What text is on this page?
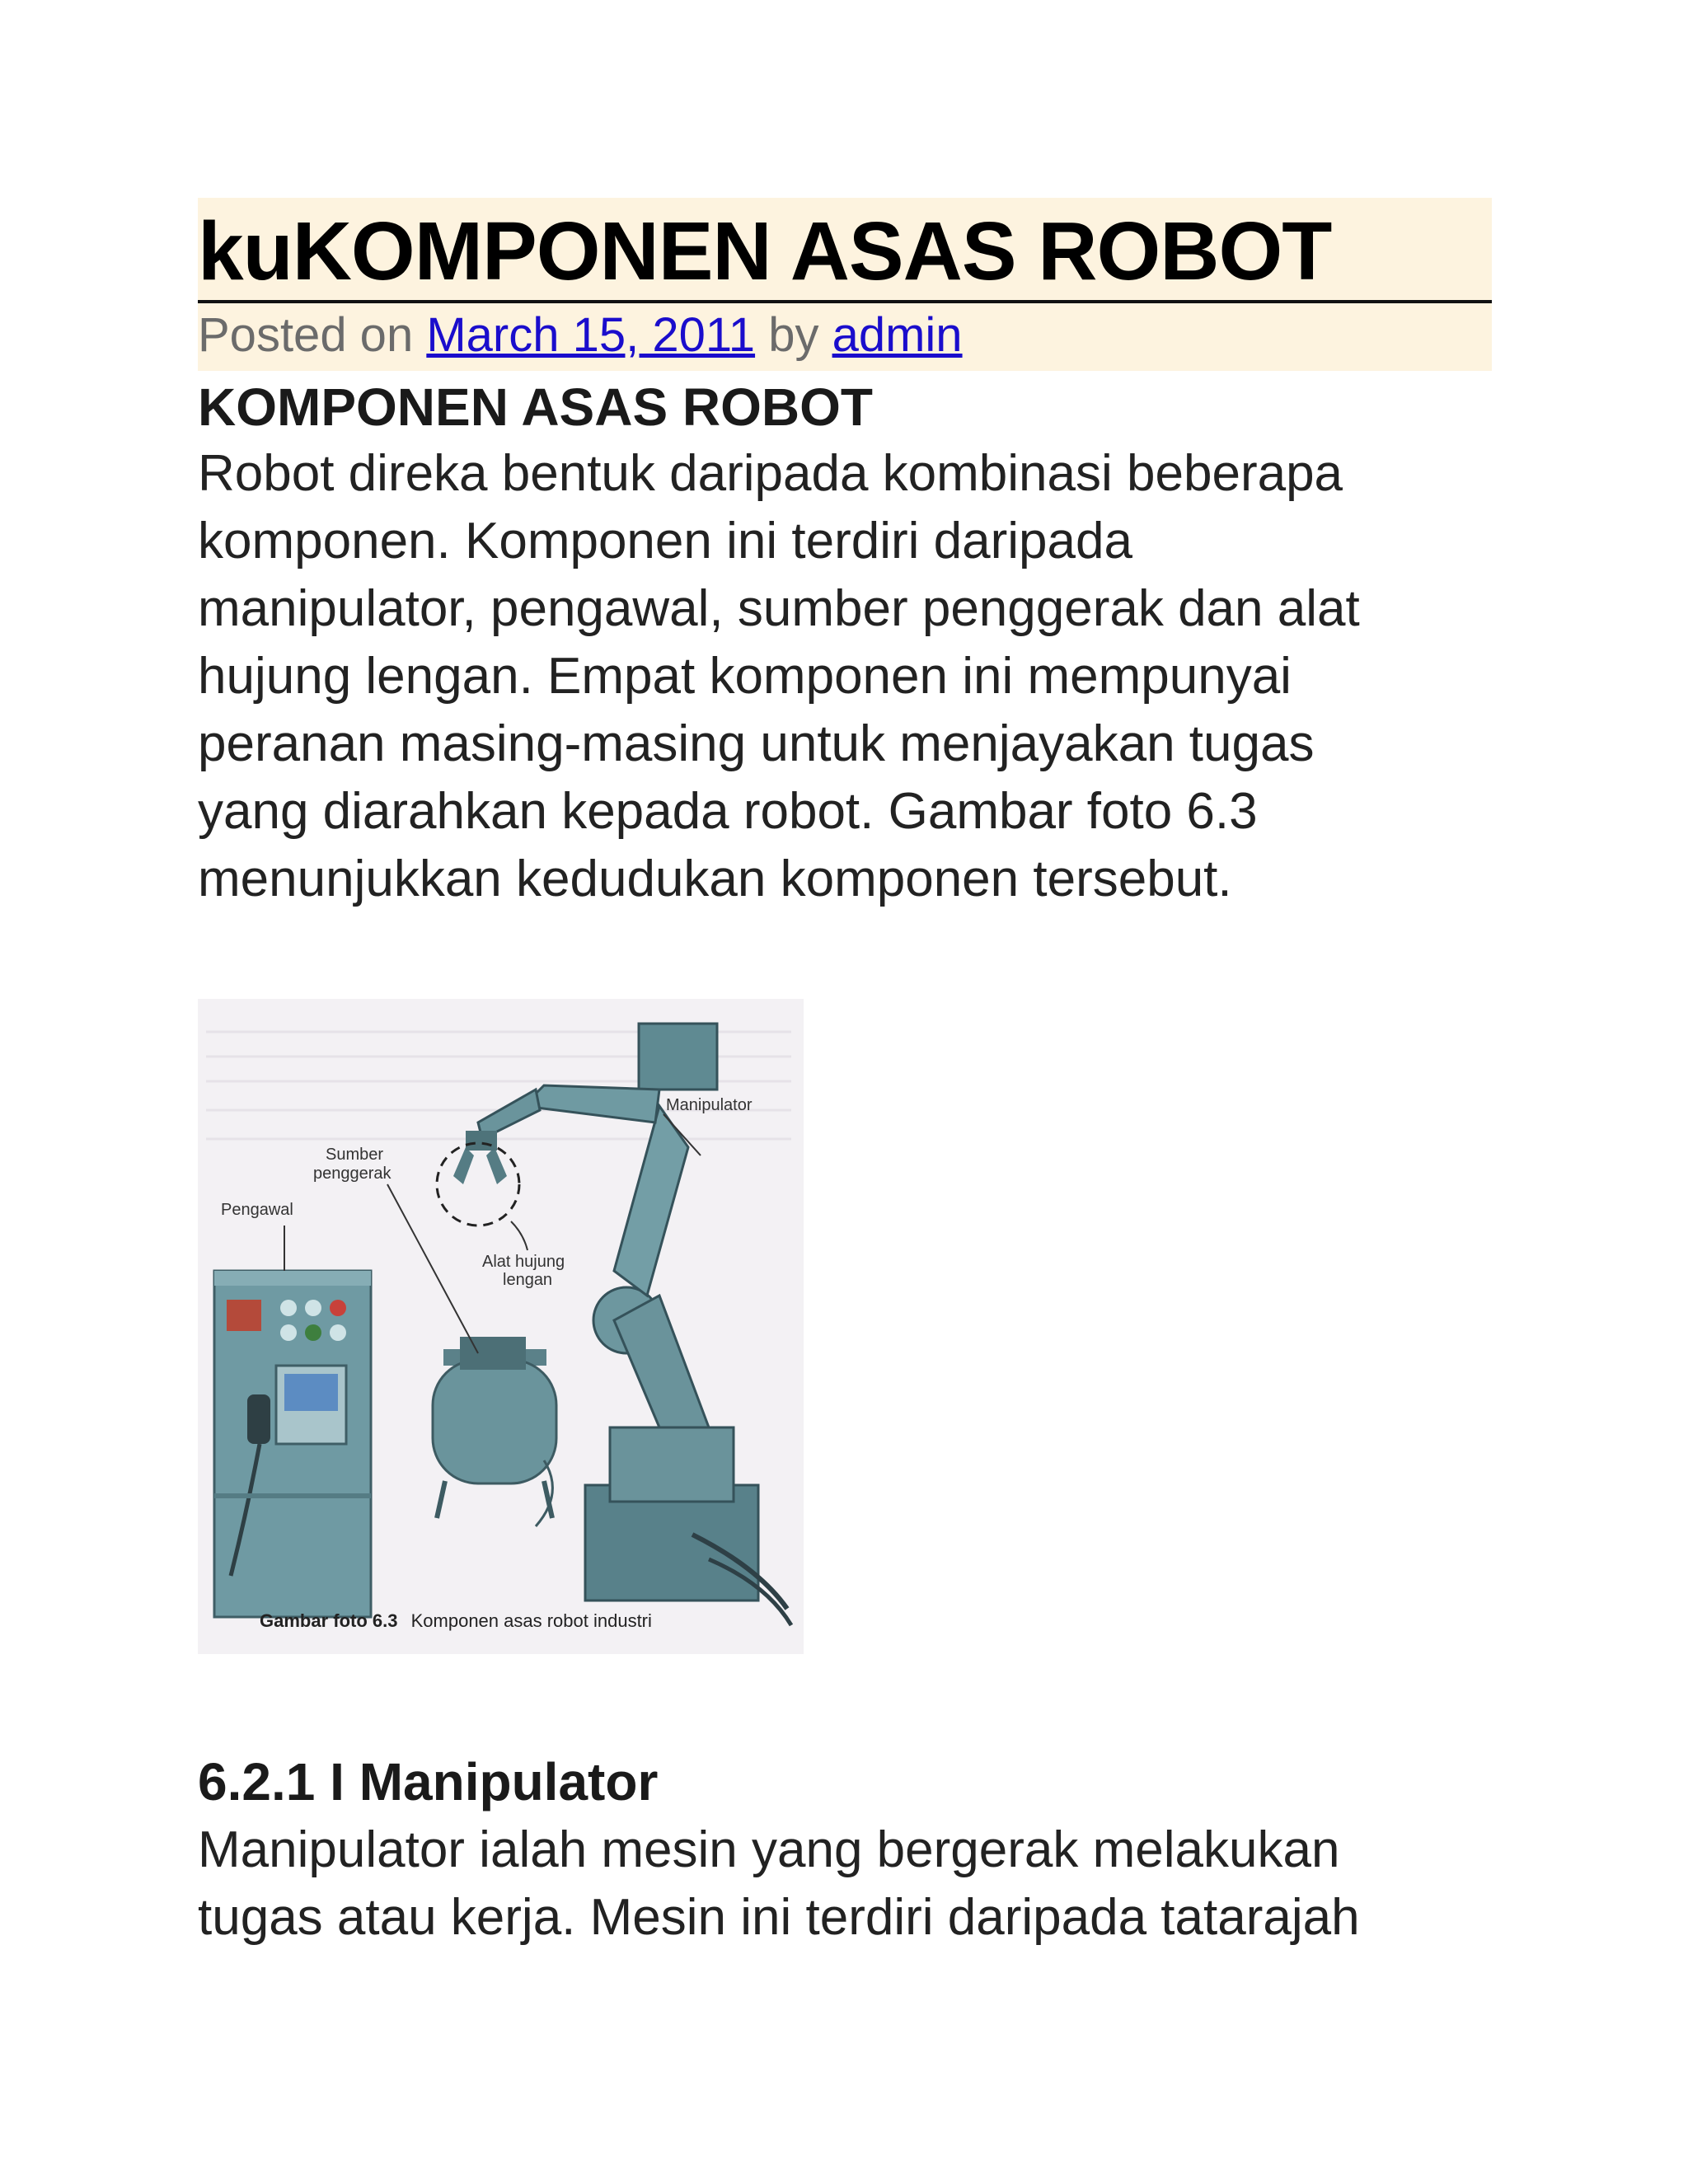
kuKOMPONEN ASAS ROBOT
Posted on March 15, 2011 by admin
KOMPONEN ASAS ROBOT

Robot direka bentuk daripada kombinasi beberapa
komponen. Komponen ini terdiri daripada
manipulator, pengawal, sumber penggerak dan alat
hujung lengan. Empat komponen ini mempunyai
peranan masing-masing untuk menjayakan tugas
yang diarahkan kepada robot. Gambar foto 6.3
menunjukkan kedudukan komponen tersebut.

Manipulator
Sumber
penggerak
Pengawal
Alat hujung
lengan
Gambar foto 6.3 Komponen asas robot industri
6.2.1 I Manipulator

Manipulator ialah mesin yang bergerak melakukan
tugas atau kerja. Mesin ini terdiri daripada tatarajah
